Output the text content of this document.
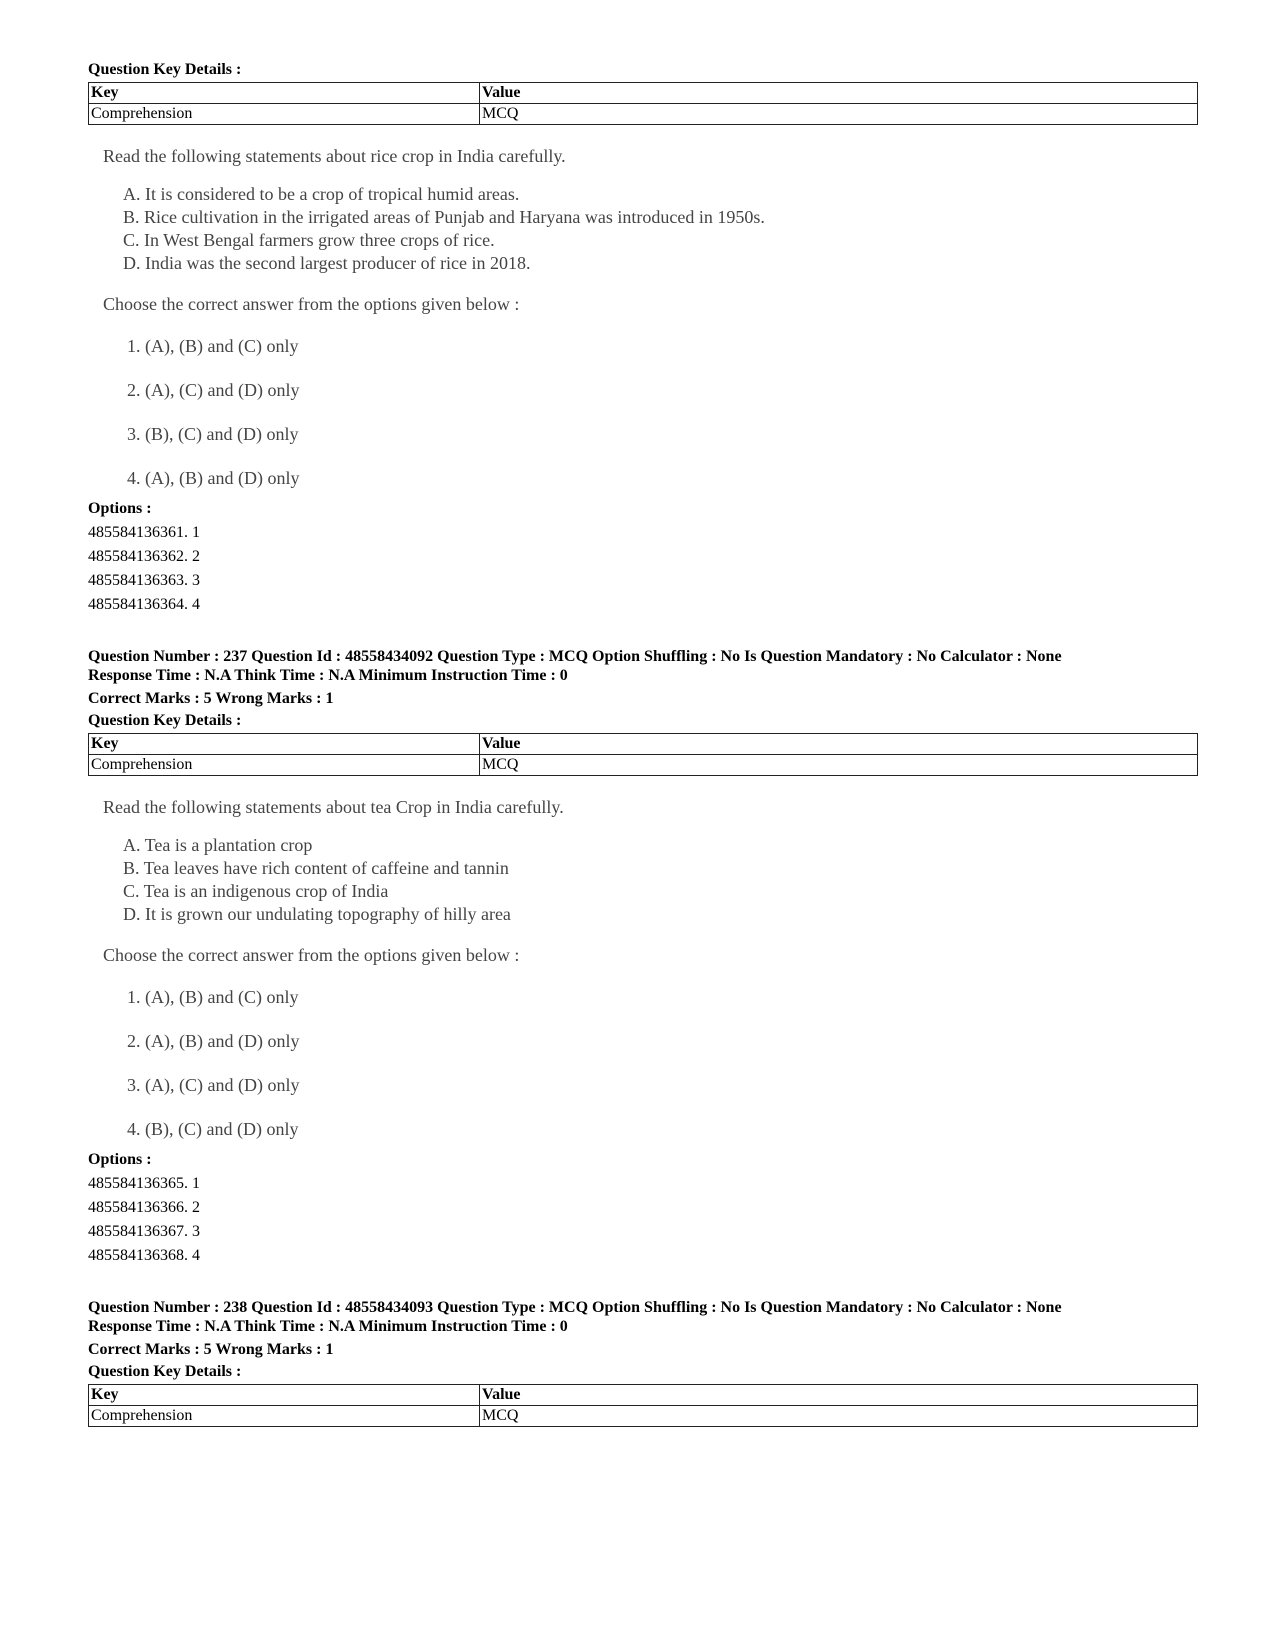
Question Key Details :
Key	Value
Comprehension	MCQ
Read the following statements about rice crop in India carefully.
A. It is considered to be a crop of tropical humid areas.
B. Rice cultivation in the irrigated areas of Punjab and Haryana was introduced in 1950s.
C. In West Bengal farmers grow three crops of rice.
D. India was the second largest producer of rice in 2018.
Choose the correct answer from the options given below :
1. (A), (B) and (C) only
2. (A), (C) and (D) only
3. (B), (C) and (D) only
4. (A), (B) and (D) only
Options :
485584136361. 1
485584136362. 2
485584136363. 3
485584136364. 4
Question Number : 237 Question Id : 48558434092 Question Type : MCQ Option Shuffling : No Is Question Mandatory : No Calculator : None
Response Time : N.A Think Time : N.A Minimum Instruction Time : 0
Correct Marks : 5 Wrong Marks : 1
Question Key Details :
Key	Value
Comprehension	MCQ
Read the following statements about tea Crop in India carefully.
A. Tea is a plantation crop
B. Tea leaves have rich content of caffeine and tannin
C. Tea is an indigenous crop of India
D. It is grown our undulating topography of hilly area
Choose the correct answer from the options given below :
1. (A), (B) and (C) only
2. (A), (B) and (D) only
3. (A), (C) and (D) only
4. (B), (C) and (D) only
Options :
485584136365. 1
485584136366. 2
485584136367. 3
485584136368. 4
Question Number : 238 Question Id : 48558434093 Question Type : MCQ Option Shuffling : No Is Question Mandatory : No Calculator : None
Response Time : N.A Think Time : N.A Minimum Instruction Time : 0
Correct Marks : 5 Wrong Marks : 1
Question Key Details :
Key	Value
Comprehension	MCQ
